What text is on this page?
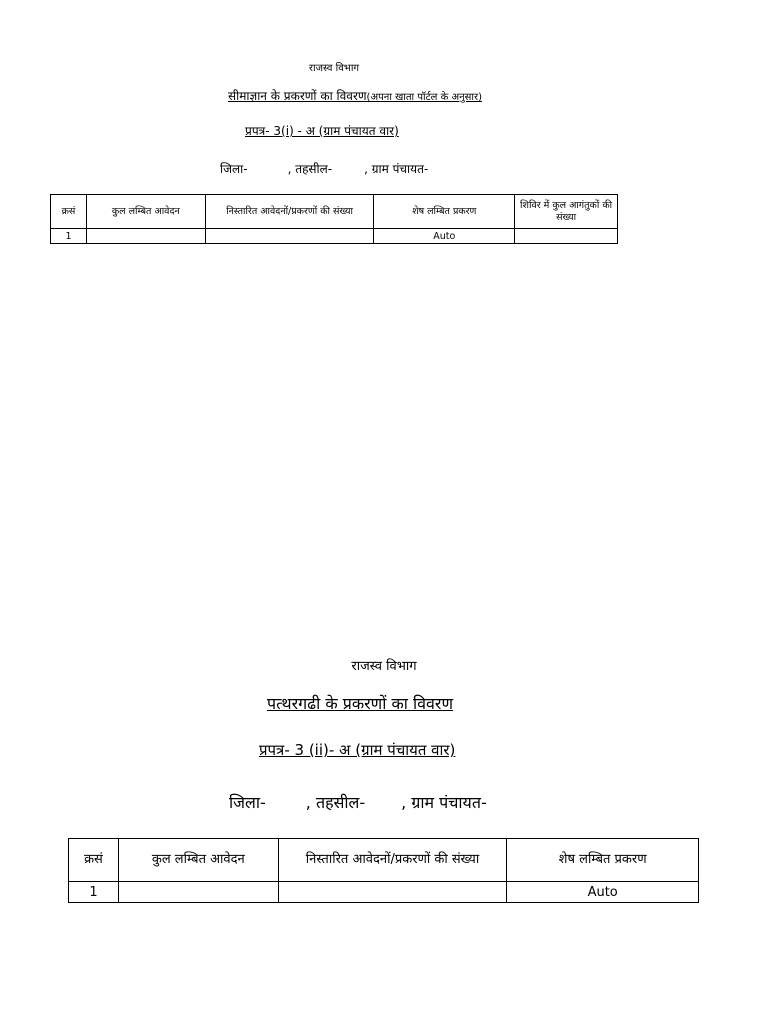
राजस्व विभाग
सीमाज्ञान के प्रकरणों का विवरण(अपना खाता पॉर्टल के अनुसार)
प्रपत्र- 3(i) - अ (ग्राम पंचायत वार)
जिला-	, तहसील-	, ग्राम पंचायत-
क्रसं	कुल लम्बित आवेदन	निस्तारित आवेदनों/प्रकरणों की संख्या	शेष लम्बित प्रकरण	शिविर में कुल आगंतुकों की संख्या
1			Auto	
राजस्व विभाग
पत्थरगढी के प्रकरणों का विवरण
प्रपत्र- 3 (ii)- अ (ग्राम पंचायत वार)
जिला-	, तहसील- , ग्राम पंचायत-
क्रसं	कुल लम्बित आवेदन	निस्तारित आवेदनों/प्रकरणों की संख्या	शेष लम्बित प्रकरण
1			Auto
